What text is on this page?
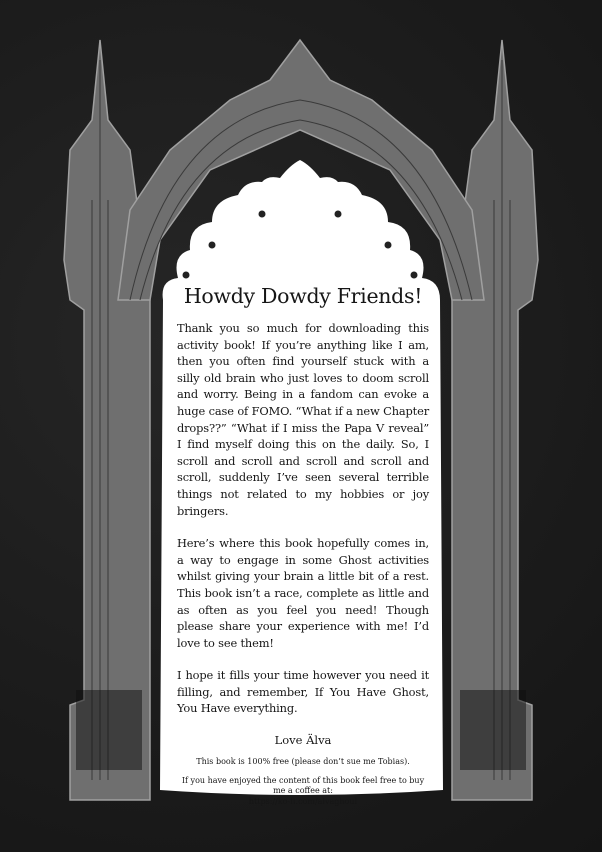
Howdy Dowdy Friends!

Thank you so much for downloading this activity book! If you’re anything like I am, then you often find yourself stuck with a silly old brain who just loves to doom scroll and worry. Being in a fandom can evoke a huge case of FOMO. “What if a new Chapter drops??” “What if I miss the Papa V reveal” I find myself doing this on the daily. So, I scroll and scroll and scroll and scroll and scroll, suddenly I’ve seen several terrible things not related to my hobbies or joy bringers.

Here’s where this book hopefully comes in, a way to engage in some Ghost activities whilst giving your brain a little bit of a rest. This book isn’t a race, complete as little and as often as you feel you need! Though please share your experience with me! I’d love to see them!

I hope it fills your time however you need it filling, and remember, If You Have Ghost, You Have everything.

Love Älva
This book is 100% free (please don’t sue me Tobias).
If you have enjoyed the content of this book feel free to buy me a coffee at:
https://ko-fi.com/alvaghoul
